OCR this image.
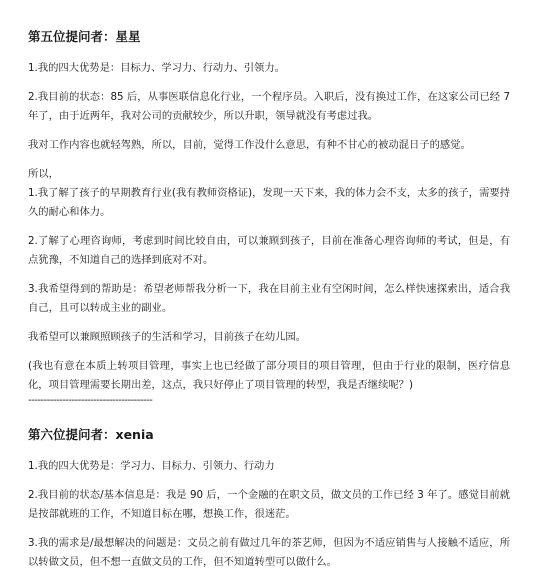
第五位提问者：星星

1.我的四大优势是：目标力、学习力、行动力、引领力。

2.我目前的状态：85 后，从事医联信息化行业，一个程序员。入职后，没有换过工作，在这家公司已经 7 年了，由于近两年，我对公司的贡献较少，所以升职，领导就没有考虑过我。

我对工作内容也就轻驾熟，所以，目前，觉得工作没什么意思，有种不甘心的被动混日子的感觉。

所以，

1.我了解了孩子的早期教育行业(我有教师资格证)，发现一天下来，我的体力会不支，太多的孩子，需要持久的耐心和体力。

2.了解了心理咨询师，考虑到时间比较自由，可以兼顾到孩子，目前在准备心理咨询师的考试，但是，有点犹豫，不知道自己的选择到底对不对。

3.我希望得到的帮助是：希望老师帮我分析一下，我在目前主业有空闲时间，怎么样快速探索出，适合我自己，且可以转成主业的副业。

我希望可以兼顾照顾孩子的生活和学习，目前孩子在幼儿园。

(我也有意在本质上转项目管理，事实上也已经做了部分项目的项目管理，但由于行业的限制，医疗信息化，项目管理需要长期出差，这点，我只好停止了项目管理的转型，我是否继续呢？)

----------------------------------------

第六位提问者：xenia

1.我的四大优势是：学习力、目标力、引领力、行动力

2.我目前的状态/基本信息是：我是 90 后，一个金融的在职文员，做文员的工作已经 3 年了。感觉目前就是按部就班的工作，不知道目标在哪，想换工作，很迷茫。

3.我的需求是/最想解决的问题是：文员之前有做过几年的茶艺师，但因为不适应销售与人接触不适应，所以转做文员，但不想一直做文员的工作，但不知道转型可以做什么。
